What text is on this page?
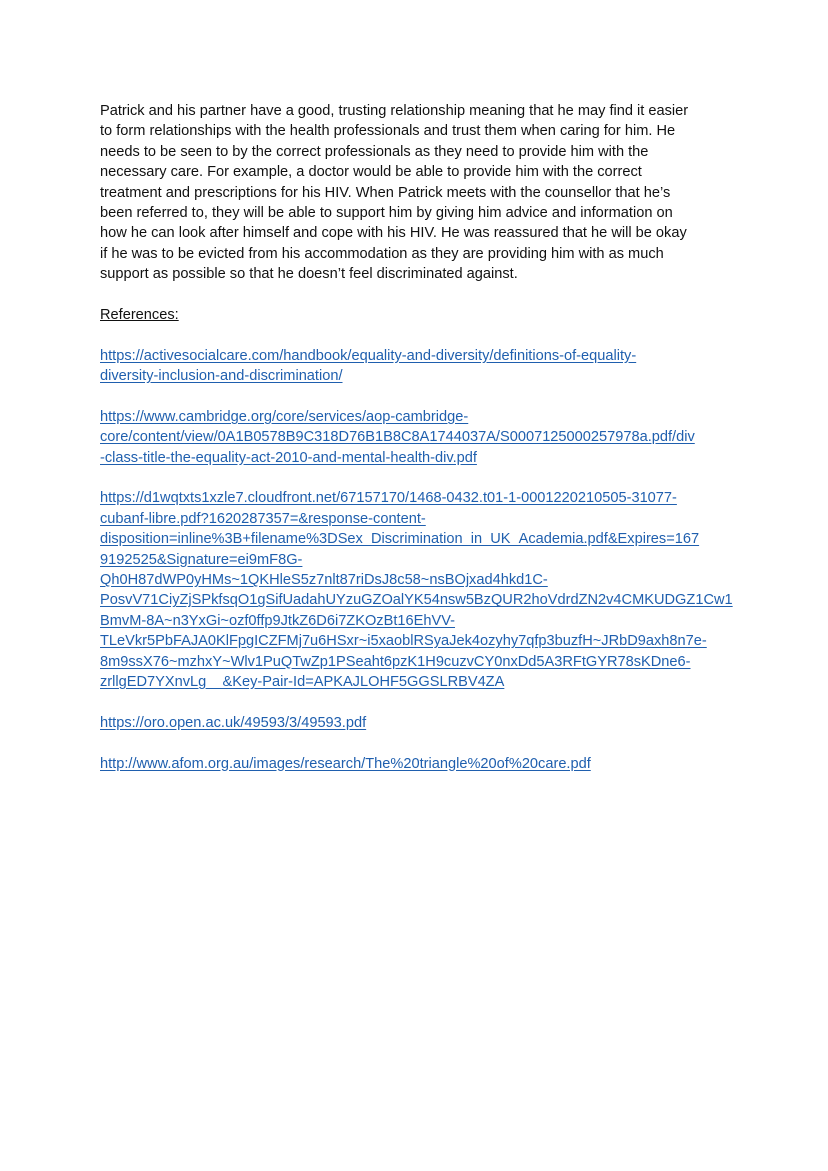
Patrick and his partner have a good, trusting relationship meaning that he may find it easier
to form relationships with the health professionals and trust them when caring for him. He
needs to be seen to by the correct professionals as they need to provide him with the
necessary care. For example, a doctor would be able to provide him with the correct
treatment and prescriptions for his HIV. When Patrick meets with the counsellor that he’s
been referred to, they will be able to support him by giving him advice and information on
how he can look after himself and cope with his HIV. He was reassured that he will be okay
if he was to be evicted from his accommodation as they are providing him with as much
support as possible so that he doesn’t feel discriminated against.
References:
https://activesocialcare.com/handbook/equality-and-diversity/definitions-of-equality-
diversity-inclusion-and-discrimination/
https://www.cambridge.org/core/services/aop-cambridge-
core/content/view/0A1B0578B9C318D76B1B8C8A1744037A/S0007125000257978a.pdf/div
-class-title-the-equality-act-2010-and-mental-health-div.pdf
https://d1wqtxts1xzle7.cloudfront.net/67157170/1468-0432.t01-1-0001220210505-31077-
cubanf-libre.pdf?1620287357=&response-content-
disposition=inline%3B+filename%3DSex_Discrimination_in_UK_Academia.pdf&Expires=167
9192525&Signature=ei9mF8G-
Qh0H87dWP0yHMs~1QKHleS5z7nlt87riDsJ8c58~nsBOjxad4hkd1C-
PosvV71CiyZjSPkfsqO1gSifUadahUYzuGZOalYK54nsw5BzQUR2hoVdrdZN2v4CMKUDGZ1Cw1
BmvM-8A~n3YxGi~ozf0ffp9JtkZ6D6i7ZKOzBt16EhVV-
TLeVkr5PbFAJA0KlFpgICZFMj7u6HSxr~i5xaoblRSyaJek4ozyhy7qfp3buzfH~JRbD9axh8n7e-
8m9ssX76~mzhxY~Wlv1PuQTwZp1PSeaht6pzK1H9cuzvCY0nxDd5A3RFtGYR78sKDne6-
zrllgED7YXnvLg__&Key-Pair-Id=APKAJLOHF5GGSLRBV4ZA
https://oro.open.ac.uk/49593/3/49593.pdf
http://www.afom.org.au/images/research/The%20triangle%20of%20care.pdf
